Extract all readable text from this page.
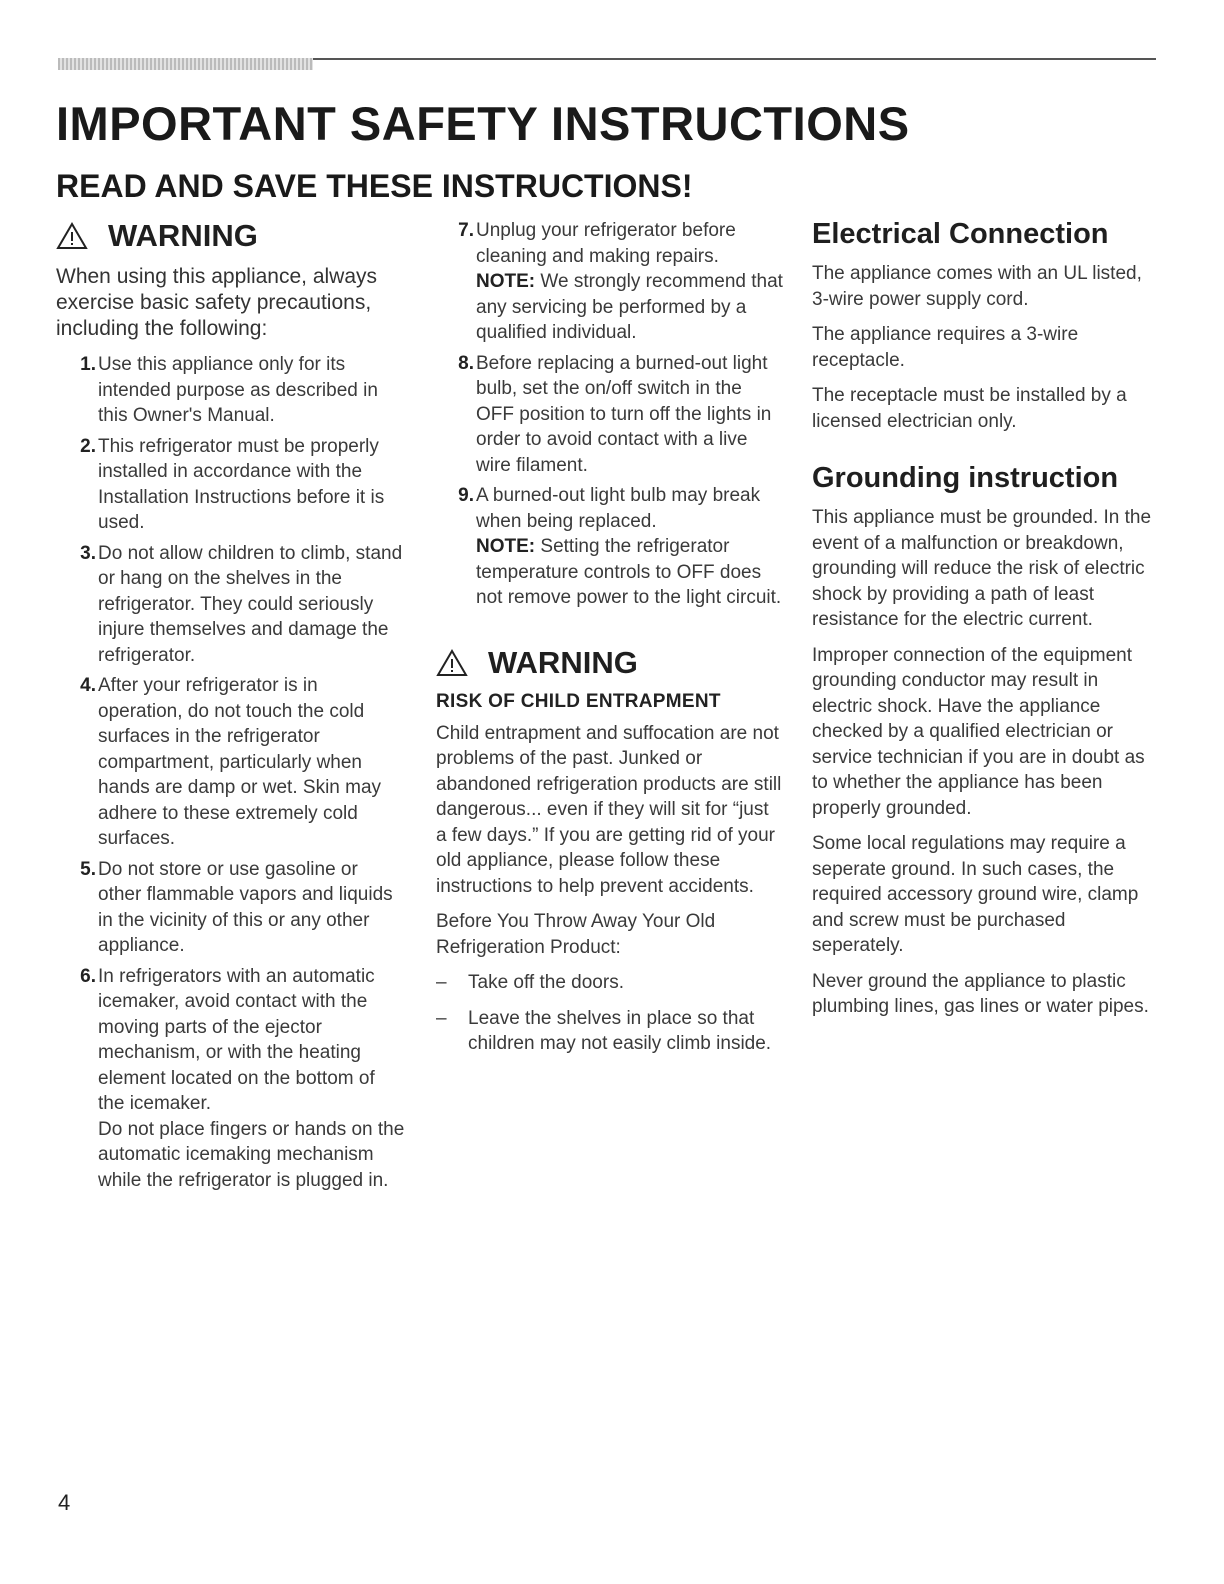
IMPORTANT SAFETY INSTRUCTIONS
READ AND SAVE THESE INSTRUCTIONS!
WARNING

When using this appliance, always exercise basic safety precautions, including the following:

1. Use this appliance only for its intended purpose as described in this Owner's Manual.
2. This refrigerator must be properly installed in accordance with the Installation Instructions before it is used.
3. Do not allow children to climb, stand or hang on the shelves in the refrigerator. They could seriously injure themselves and damage the refrigerator.
4. After your refrigerator is in operation, do not touch the cold surfaces in the refrigerator compartment, particularly when hands are damp or wet. Skin may adhere to these extremely cold surfaces.
5. Do not store or use gasoline or other flammable vapors and liquids in the vicinity of this or any other appliance.
6. In refrigerators with an automatic icemaker, avoid contact with the moving parts of the ejector mechanism, or with the heating element located on the bottom of the icemaker.
Do not place fingers or hands on the automatic icemaking mechanism while the refrigerator is plugged in.
7. Unplug your refrigerator before cleaning and making repairs.
NOTE: We strongly recommend that any servicing be performed by a qualified individual.
8. Before replacing a burned-out light bulb, set the on/off switch in the OFF position to turn off the lights in order to avoid contact with a live wire filament.
9. A burned-out light bulb may break when being replaced.
NOTE: Setting the refrigerator temperature controls to OFF does not remove power to the light circuit.
WARNING
RISK OF CHILD ENTRAPMENT

Child entrapment and suffocation are not problems of the past. Junked or abandoned refrigeration products are still dangerous... even if they will sit for “just a few days.” If you are getting rid of your old appliance, please follow these instructions to help prevent accidents.

Before You Throw Away Your Old Refrigeration Product:

–	Take off the doors.
–	Leave the shelves in place so that children may not easily climb inside.
Electrical Connection

The appliance comes with an UL listed, 3-wire power supply cord.

The appliance requires a 3-wire receptacle.

The receptacle must be installed by a licensed electrician only.

Grounding instruction

This appliance must be grounded. In the event of a malfunction or breakdown, grounding will reduce the risk of electric shock by providing a path of least resistance for the electric current.

Improper connection of the equipment grounding conductor may result in electric shock. Have the appliance checked by a qualified electrician or service technician if you are in doubt as to whether the appliance has been properly grounded.

Some local regulations may require a seperate ground. In such cases, the required accessory ground wire, clamp and screw must be purchased seperately.

Never ground the appliance to plastic plumbing lines, gas lines or water pipes.

4
